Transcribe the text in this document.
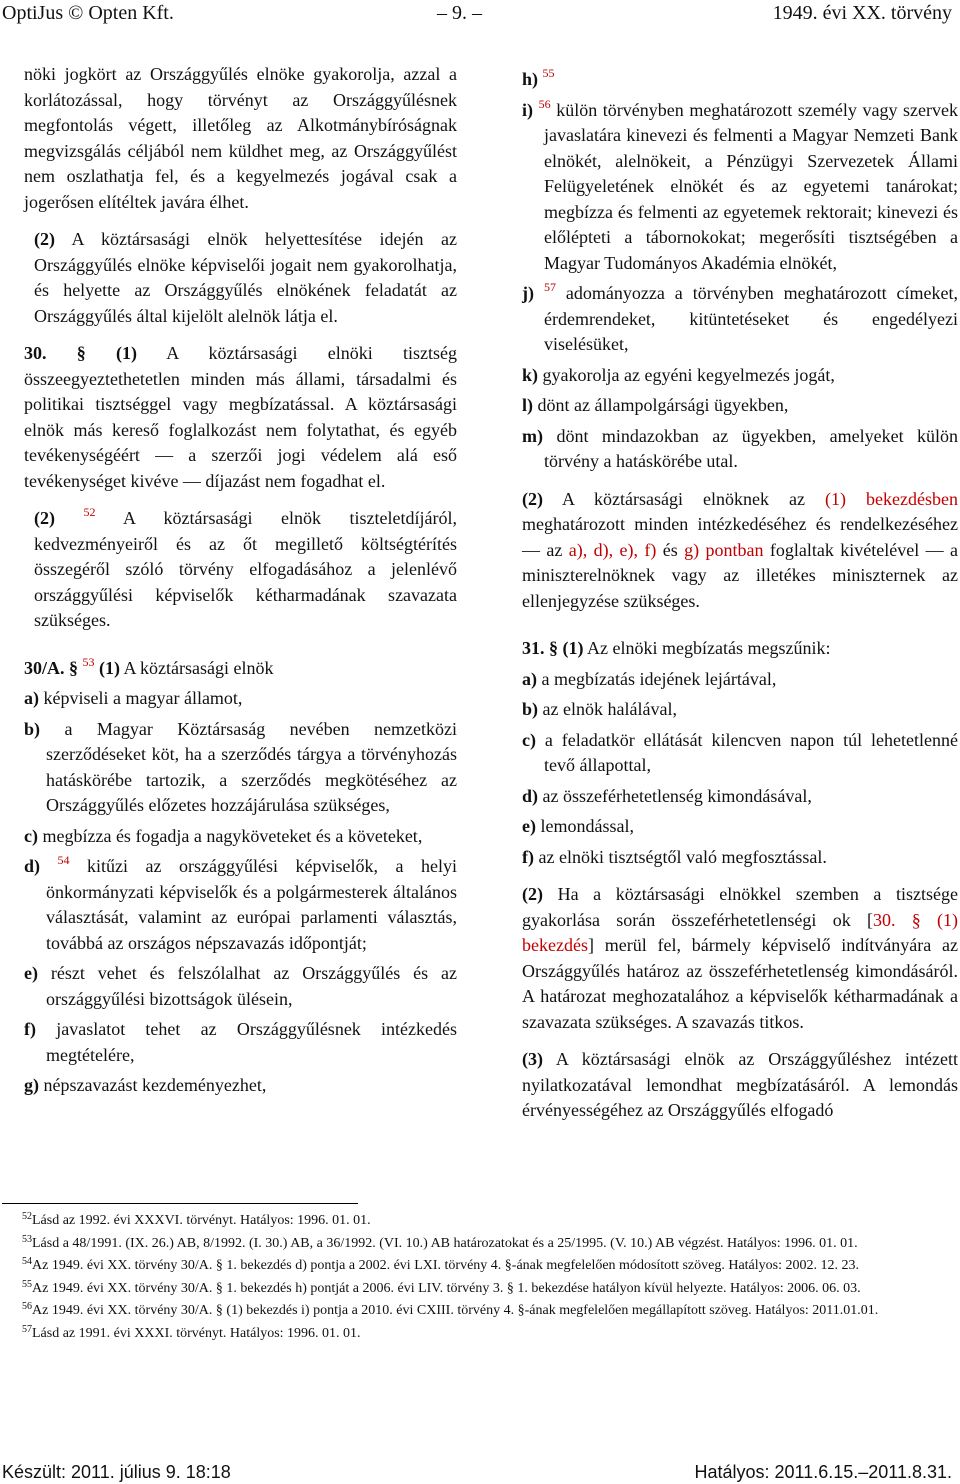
OptiJus © Opten Kft.	– 9. –	1949. évi XX. törvény

nöki jogkört az Országgyűlés elnöke gyakorolja, azzal a korlátozással, hogy törvényt az Országgyűlésnek megfontolás végett, illetőleg az Alkotmánybíróságnak megvizsgálás céljából nem küldhet meg, az Országgyűlést nem oszlathatja fel, és a kegyelmezés jogával csak a jogerősen elítéltek javára élhet.

(2) A köztársasági elnök helyettesítése idején az Országgyűlés elnöke képviselői jogait nem gyakorolhatja, és helyette az Országgyűlés elnökének feladatát az Országgyűlés által kijelölt alelnök látja el.

30. § (1) A köztársasági elnöki tisztség összeegyeztethetetlen minden más állami, társadalmi és politikai tisztséggel vagy megbízatással. A köztársasági elnök más kereső foglalkozást nem folytathat, és egyéb tevékenységéért — a szerzői jogi védelem alá eső tevékenységet kivéve — díjazást nem fogadhat el.

(2) $^{52}$ A köztársasági elnök tiszteletdíjáról, kedvezményeiről és az őt megillető költségtérítés összegéről szóló törvény elfogadásához a jelenlévő országgyűlési képviselők kétharmadának szavazata szükséges.

30/A. § $^{53}$ (1) A köztársasági elnök

a) képviseli a magyar államot,

b) a Magyar Köztársaság nevében nemzetközi szerződéseket köt, ha a szerződés tárgya a törvényhozás hatáskörébe tartozik, a szerződés megkötéséhez az Országgyűlés előzetes hozzájárulása szükséges,

c) megbízza és fogadja a nagyköveteket és a követeket,

d) $^{54}$ kitűzi az országgyűlési képviselők, a helyi önkormányzati képviselők és a polgármesterek általános választását, valamint az európai parlamenti választás, továbbá az országos népszavazás időpontját;

e) részt vehet és felszólalhat az Országgyűlés és az országgyűlési bizottságok ülésein,

f) javaslatot tehet az Országgyűlésnek intézkedés megtételére,

g) népszavazást kezdeményezhet,

h) $^{55}$

i) $^{56}$ külön törvényben meghatározott személy vagy szervek javaslatára kinevezi és felmenti a Magyar Nemzeti Bank elnökét, alelnökeit, a Pénzügyi Szervezetek Állami Felügyeletének elnökét és az egyetemi tanárokat; megbízza és felmenti az egyetemek rektorait; kinevezi és előlépteti a tábornokokat; megerősíti tisztségében a Magyar Tudományos Akadémia elnökét,

j) $^{57}$ adományozza a törvényben meghatározott címeket, érdemrendeket, kitüntetéseket és engedélyezi viselésüket,

k) gyakorolja az egyéni kegyelmezés jogát,

l) dönt az állampolgársági ügyekben,

m) dönt mindazokban az ügyekben, amelyeket külön törvény a hatáskörébe utal.

(2) A köztársasági elnöknek az (1) bekezdésben meghatározott minden intézkedéséhez és rendelkezéséhez — az a), d), e), f) és g) pontban foglaltak kivételével — a miniszterelnöknek vagy az illetékes miniszternek az ellenjegyzése szükséges.

31. § (1) Az elnöki megbízatás megszűnik:

a) a megbízatás idejének lejártával,

b) az elnök halálával,

c) a feladatkör ellátását kilencven napon túl lehetetlenné tevő állapottal,

d) az összeférhetetlenség kimondásával,

e) lemondással,

f) az elnöki tisztségtől való megfosztással.

(2) Ha a köztársasági elnökkel szemben a tisztsége gyakorlása során összeférhetetlenségi ok [30. § (1) bekezdés] merül fel, bármely képviselő indítványára az Országgyűlés határoz az összeférhetetlenség kimondásáról. A határozat meghozatalához a képviselők kétharmadának a szavazata szükséges. A szavazás titkos.

(3) A köztársasági elnök az Országgyűléshez intézett nyilatkozatával lemondhat megbízatásáról. A lemondás érvényességéhez az Országgyűlés elfogadó

$^{52}$Lásd az 1992. évi XXXVI. törvényt. Hatályos: 1996. 01. 01.

$^{53}$Lásd a 48/1991. (IX. 26.) AB, 8/1992. (I. 30.) AB, a 36/1992. (VI. 10.) AB határozatokat és a 25/1995. (V. 10.) AB végzést. Hatályos: 1996. 01. 01.

$^{54}$Az 1949. évi XX. törvény 30/A. § 1. bekezdés d) pontja a 2002. évi LXI. törvény 4. §-ának megfelelően módosított szöveg. Hatályos: 2002. 12. 23.

$^{55}$Az 1949. évi XX. törvény 30/A. § 1. bekezdés h) pontját a 2006. évi LIV. törvény 3. § 1. bekezdése hatályon kívül helyezte. Hatályos: 2006. 06. 03.

$^{56}$Az 1949. évi XX. törvény 30/A. § (1) bekezdés i) pontja a 2010. évi CXIII. törvény 4. §-ának megfelelően megállapított szöveg. Hatályos: 2011.01.01.

$^{57}$Lásd az 1991. évi XXXI. törvényt. Hatályos: 1996. 01. 01.

Készült: 2011. július 9. 18:18	Hatályos: 2011.6.15.–2011.8.31.
